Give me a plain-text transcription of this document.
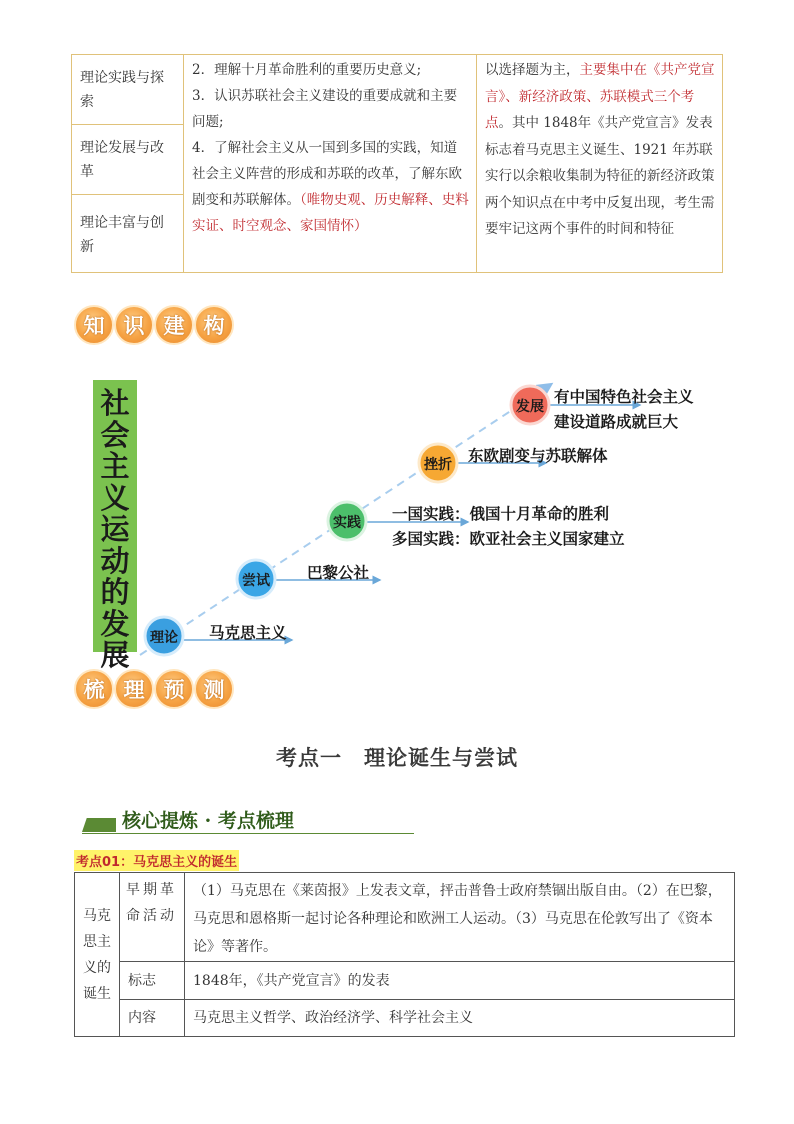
理论实践与探索
理论发展与改革
理论丰富与创新
2．理解十月革命胜利的重要历史意义;
3．认识苏联社会主义建设的重要成就和主要问题;
4．了解社会主义从一国到多国的实践，知道社会主义阵营的形成和苏联的改革，了解东欧剧变和苏联解体。（唯物史观、历史解释、史料实证、时空观念、家国情怀）
以选择题为主，主要集中在《共产党宣言》、新经济政策、苏联模式三个考点。其中 1848年《共产党宣言》发表标志着马克思主义诞生、1921 年苏联实行以余粮收集制为特征的新经济政策两个知识点在中考中反复出现，考生需要牢记这两个事件的时间和特征
知 识 建 构
社
会
主
义
运
动
的
发
展 理论
尝试
实践
挫折
发展
马克思主义
巴黎公社
一国实践：俄国十月革命的胜利
多国实践：欧亚社会主义国家建立
东欧剧变与苏联解体
有中国特色社会主义
建设道路成就巨大
梳 理 预 测
考点一　理论诞生与尝试
核心提炼 · 考点梳理
考点01：马克思主义的诞生
马克
思主
义的
诞生
早期革命活动
（1）马克思在《莱茵报》上发表文章，抨击普鲁士政府禁锢出版自由。（2）在巴黎，马克思和恩格斯一起讨论各种理论和欧洲工人运动。（3）马克思在伦敦写出了《资本论》等著作。
标志	1848年，《共产党宣言》的发表
内容	马克思主义哲学、政治经济学、科学社会主义
